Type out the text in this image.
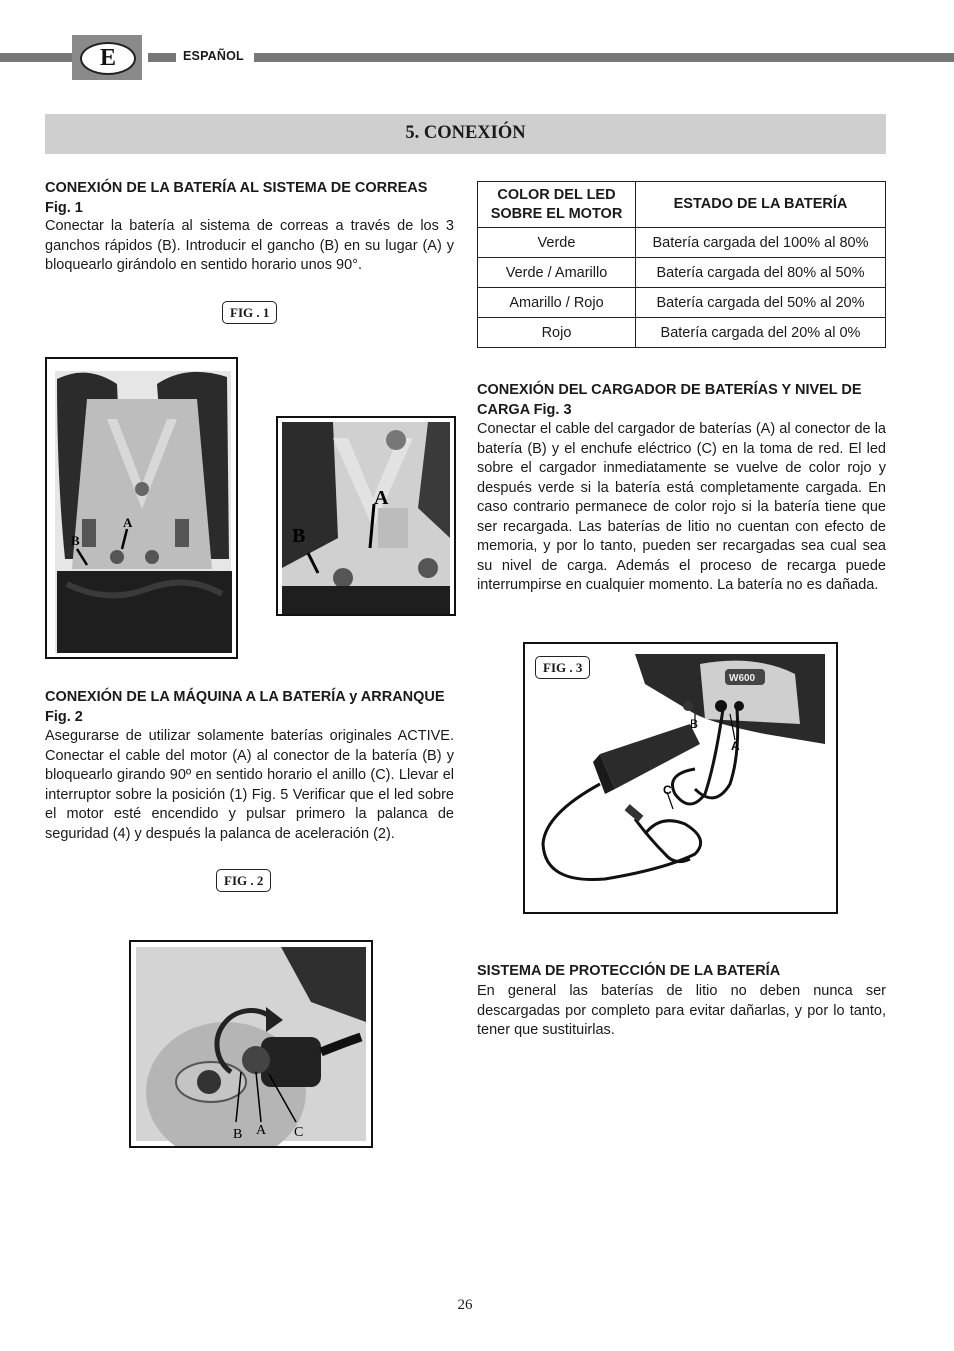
E	ESPAÑOL
5. CONEXIÓN
CONEXIÓN DE LA BATERÍA AL SISTEMA DE CORREAS Fig. 1
Conectar la batería al sistema de correas a través de los 3 ganchos rápidos (B). Introducir el gancho (B) en su lugar (A) y bloquearlo girándolo en sentido horario unos 90°.
FIG . 1
A
B
A
B
CONEXIÓN DE LA MÁQUINA A LA BATERÍA y ARRANQUE Fig. 2
Asegurarse de utilizar solamente baterías originales ACTIVE. Conectar el cable del motor (A) al conector de la batería (B) y bloquearlo girando 90º en sentido horario el anillo (C). Llevar el interruptor sobre la posición (1) Fig. 5 Verificar que el led sobre el motor esté encendido y pulsar primero la palanca de seguridad (4) y después la palanca de aceleración (2).
FIG . 2
B A C
COLOR DEL LED SOBRE EL MOTOR	ESTADO DE LA BATERÍA
Verde	Batería cargada del 100% al 80%
Verde / Amarillo	Batería cargada del 80% al 50%
Amarillo / Rojo	Batería cargada del 50% al 20%
Rojo	Batería cargada del 20% al 0%
CONEXIÓN DEL CARGADOR DE BATERÍAS Y NIVEL DE CARGA Fig. 3
Conectar el cable del cargador de baterías (A) al conector de la batería (B) y el enchufe eléctrico (C) en la toma de red. El led sobre el cargador inmediatamente se vuelve de color rojo y después verde si la batería está completamente cargada. En caso contrario permanece de color rojo si la batería tiene que ser recargada. Las baterías de litio no cuentan con efecto de memoria, y por lo tanto, pueden ser recargadas sea cual sea su nivel de carga. Además el proceso de recarga puede interrumpirse en cualquier momento. La batería no es dañada.
W600
B
A
C
FIG . 3
SISTEMA DE PROTECCIÓN DE LA BATERÍA
En general las baterías de litio no deben nunca ser descargadas por completo para evitar dañarlas, y por lo tanto, tener que sustituirlas.
26
